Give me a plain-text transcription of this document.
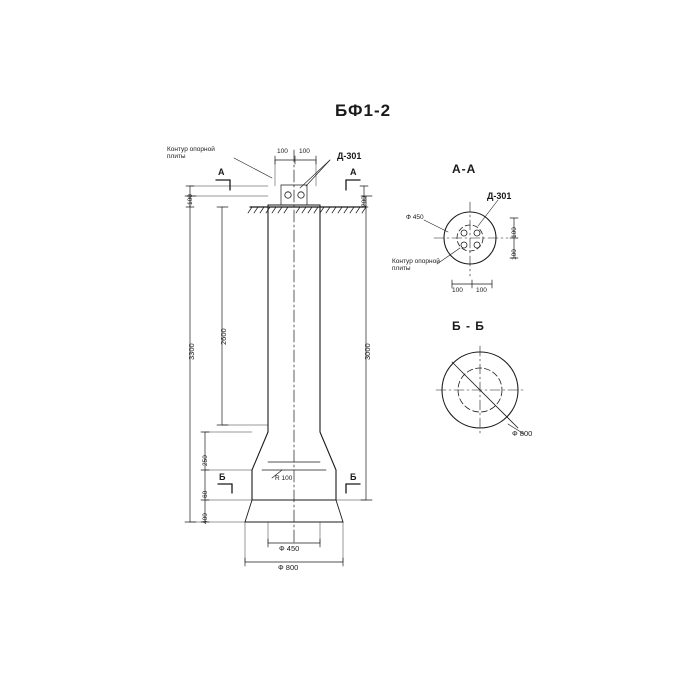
БФ1-2
Контур опорной
плиты	Д-301
100 100
100	200
3300
2600
3000
250
60
400
R 100
Ф 450
Ф 800
А	А
Б	Б
А-А
Д-301
Ф 450
Контур опорной
плиты
100 100
100
100
Б - Б
Ф 800
